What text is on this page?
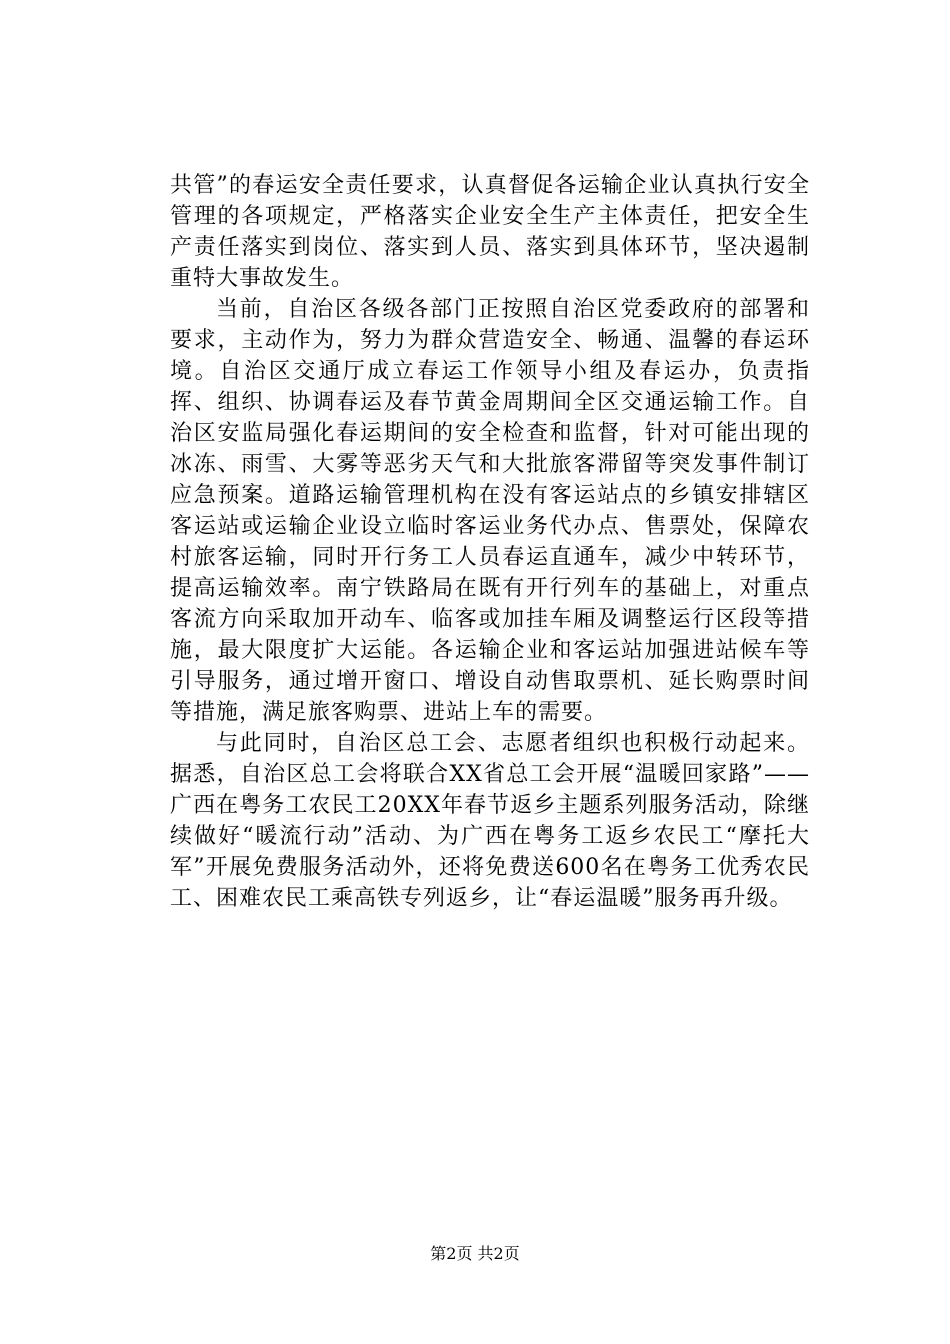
共管”的春运安全责任要求，认真督促各运输企业认真执行安全管理的各项规定，严格落实企业安全生产主体责任，把安全生产责任落实到岗位、落实到人员、落实到具体环节，坚决遏制重特大事故发生。

当前，自治区各级各部门正按照自治区党委政府的部署和要求，主动作为，努力为群众营造安全、畅通、温馨的春运环境。自治区交通厅成立春运工作领导小组及春运办，负责指挥、组织、协调春运及春节黄金周期间全区交通运输工作。自治区安监局强化春运期间的安全检查和监督，针对可能出现的冰冻、雨雪、大雾等恶劣天气和大批旅客滞留等突发事件制订应急预案。道路运输管理机构在没有客运站点的乡镇安排辖区客运站或运输企业设立临时客运业务代办点、售票处，保障农村旅客运输，同时开行务工人员春运直通车，减少中转环节，提高运输效率。南宁铁路局在既有开行列车的基础上，对重点客流方向采取加开动车、临客或加挂车厢及调整运行区段等措施，最大限度扩大运能。各运输企业和客运站加强进站候车等引导服务，通过增开窗口、增设自动售取票机、延长购票时间等措施，满足旅客购票、进站上车的需要。

与此同时，自治区总工会、志愿者组织也积极行动起来。据悉，自治区总工会将联合XX省总工会开展“温暖回家路”——广西在粤务工农民工20XX年春节返乡主题系列服务活动，除继续做好“暖流行动”活动、为广西在粤务工返乡农民工“摩托大军”开展免费服务活动外，还将免费送600名在粤务工优秀农民工、困难农民工乘高铁专列返乡，让“春运温暖”服务再升级。

第2页 共2页
